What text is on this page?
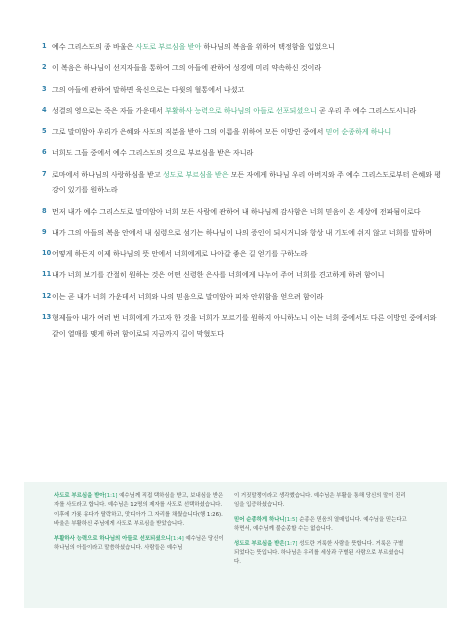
1 예수 그리스도의 종 바울은 사도로 부르심을 받아 하나님의 복음을 위하여 택정함을 입었으니
2 이 복음은 하나님이 선지자들을 통하여 그의 아들에 관하여 성경에 미리 약속하신 것이라
3 그의 아들에 관하여 말하면 육신으로는 다윗의 혈통에서 나셨고
4 성결의 영으로는 죽은 자들 가운데서 부활하사 능력으로 하나님의 아들로 선포되셨으니 곧 우리 주 예수 그리스도시니라
5 그로 말미암아 우리가 은혜와 사도의 직분을 받아 그의 이름을 위하여 모든 이방인 중에서 믿어 순종하게 하나니
6 너희도 그들 중에서 예수 그리스도의 것으로 부르심을 받은 자니라
7 로마에서 하나님의 사랑하심을 받고 성도로 부르심을 받은 모든 자에게 하나님 우리 아버지와 주 예수 그리스도로부터 은혜와 평강이 있기를 원하노라
8 먼저 내가 예수 그리스도로 말미암아 너희 모든 사람에 관하여 내 하나님께 감사함은 너희 믿음이 온 세상에 전파됨이로다
9 내가 그의 아들의 복음 안에서 내 심령으로 섬기는 하나님이 나의 증인이 되시거니와 항상 내 기도에 쉬지 않고 너희를 말하며
10 어떻게 하든지 이제 하나님의 뜻 안에서 너희에게로 나아갈 좋은 길 얻기를 구하노라
11 내가 너희 보기를 간절히 원하는 것은 어떤 신령한 은사를 너희에게 나누어 주어 너희를 견고하게 하려 함이니
12 이는 곧 내가 너희 가운데서 너희와 나의 믿음으로 말미암아 피차 안위함을 얻으려 함이라
13 형제들아 내가 여러 번 너희에게 가고자 한 것을 너희가 모르기를 원하지 아니하노니 이는 너희 중에서도 다른 이방인 중에서와 같이 열매를 맺게 하려 함이로되 지금까지 길이 막혔도다
사도로 부르심을 받아[1:1] 예수님께 직접 택하심을 받고, 보내심을 받은 자를 사도라고 합니다. 예수님은 12명의 제자를 사도로 선택하셨습니다. 이후에 가룟 유다가 탈락하고, 맛디아가 그 자리를 채웠습니다(행 1:26). 바울은 부활하신 주님에게 사도로 부르심을 받았습니다.
부활하사 능력으로 하나님의 아들로 선포되셨으니[1:4] 예수님은 당신이 하나님의 아들이라고 말씀하셨습니다. 사람들은 예수님
이 거짓말쟁이라고 생각했습니다. 예수님은 부활을 통해 당신의 말이 진리임을 입증하셨습니다.
믿어 순종하게 하나니[1:5] 순종은 믿음의 열매입니다. 예수님을 믿는다고 하면서, 예수님께 불순종할 수는 없습니다.
성도로 부르심을 받은[1:7] 성도란 거룩한 사람을 뜻합니다. 거룩은 구별되었다는 뜻입니다. 하나님은 우리를 세상과 구별된 사람으로 부르셨습니다.
